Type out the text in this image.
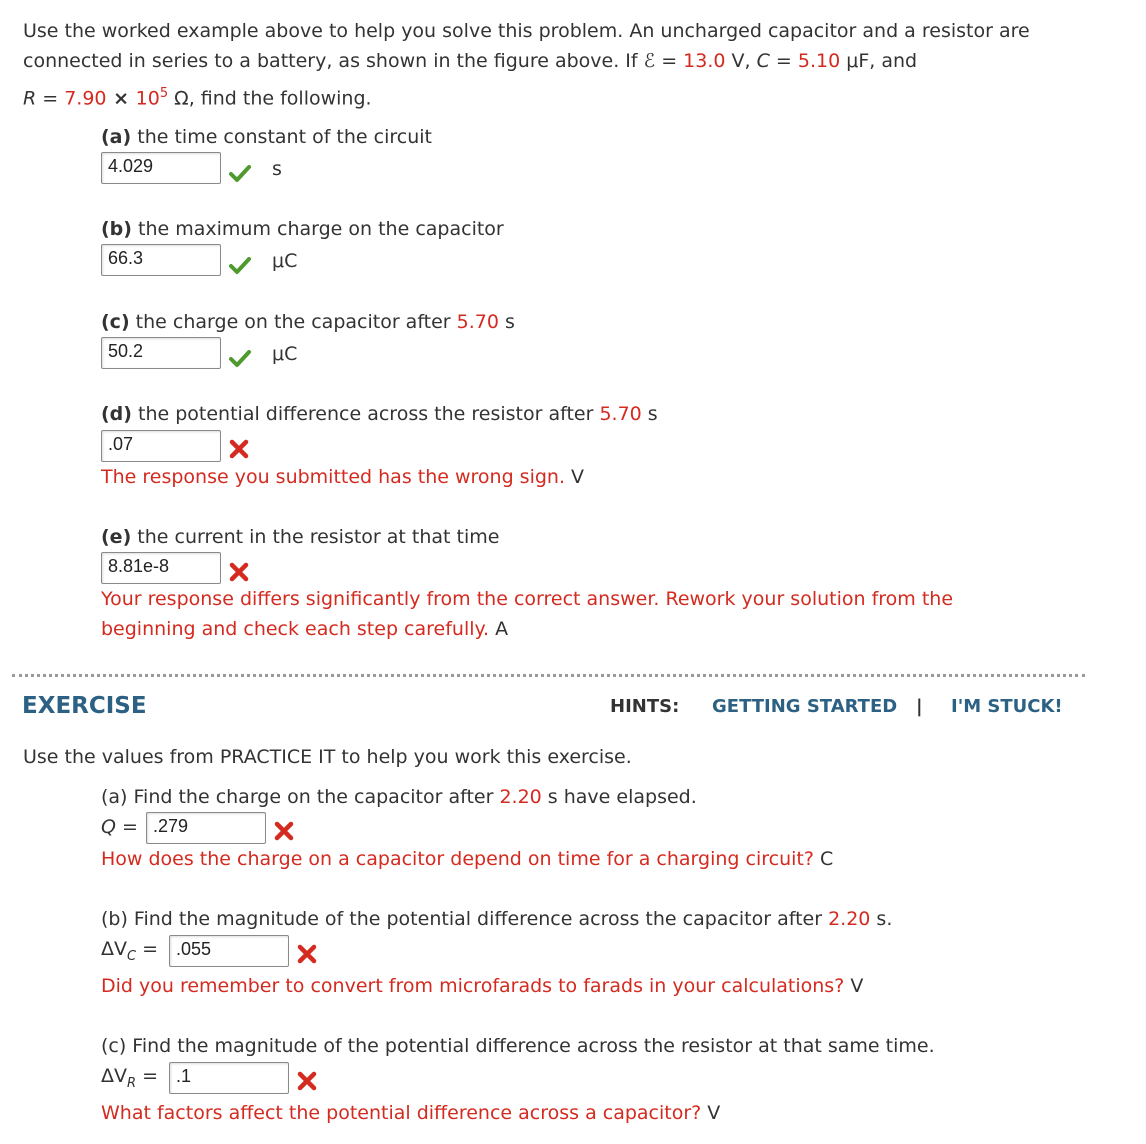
Use the worked example above to help you solve this problem. An uncharged capacitor and a resistor are
connected in series to a battery, as shown in the figure above. If ℰ = 13.0 V, C = 5.10 μF, and
$R = 7.90 \times 10^5$ Ω, find the following.
(a) the time constant of the circuit
4.029	s
(b) the maximum charge on the capacitor
66.3	μC
(c) the charge on the capacitor after 5.70 s
50.2	μC
(d) the potential difference across the resistor after 5.70 s
.07
The response you submitted has the wrong sign. V
(e) the current in the resistor at that time
8.81e-8
Your response differs significantly from the correct answer. Rework your solution from the
beginning and check each step carefully. A
EXERCISE	HINTS: GETTING STARTED | I'M STUCK!
Use the values from PRACTICE IT to help you work this exercise.
(a) Find the charge on the capacitor after 2.20 s have elapsed.
Q = .279
How does the charge on a capacitor depend on time for a charging circuit? C
(b) Find the magnitude of the potential difference across the capacitor after 2.20 s.
$\Delta V_C = .055$
Did you remember to convert from microfarads to farads in your calculations? V
(c) Find the magnitude of the potential difference across the resistor at that same time.
$\Delta V_R = .1$
What factors affect the potential difference across a capacitor? V
